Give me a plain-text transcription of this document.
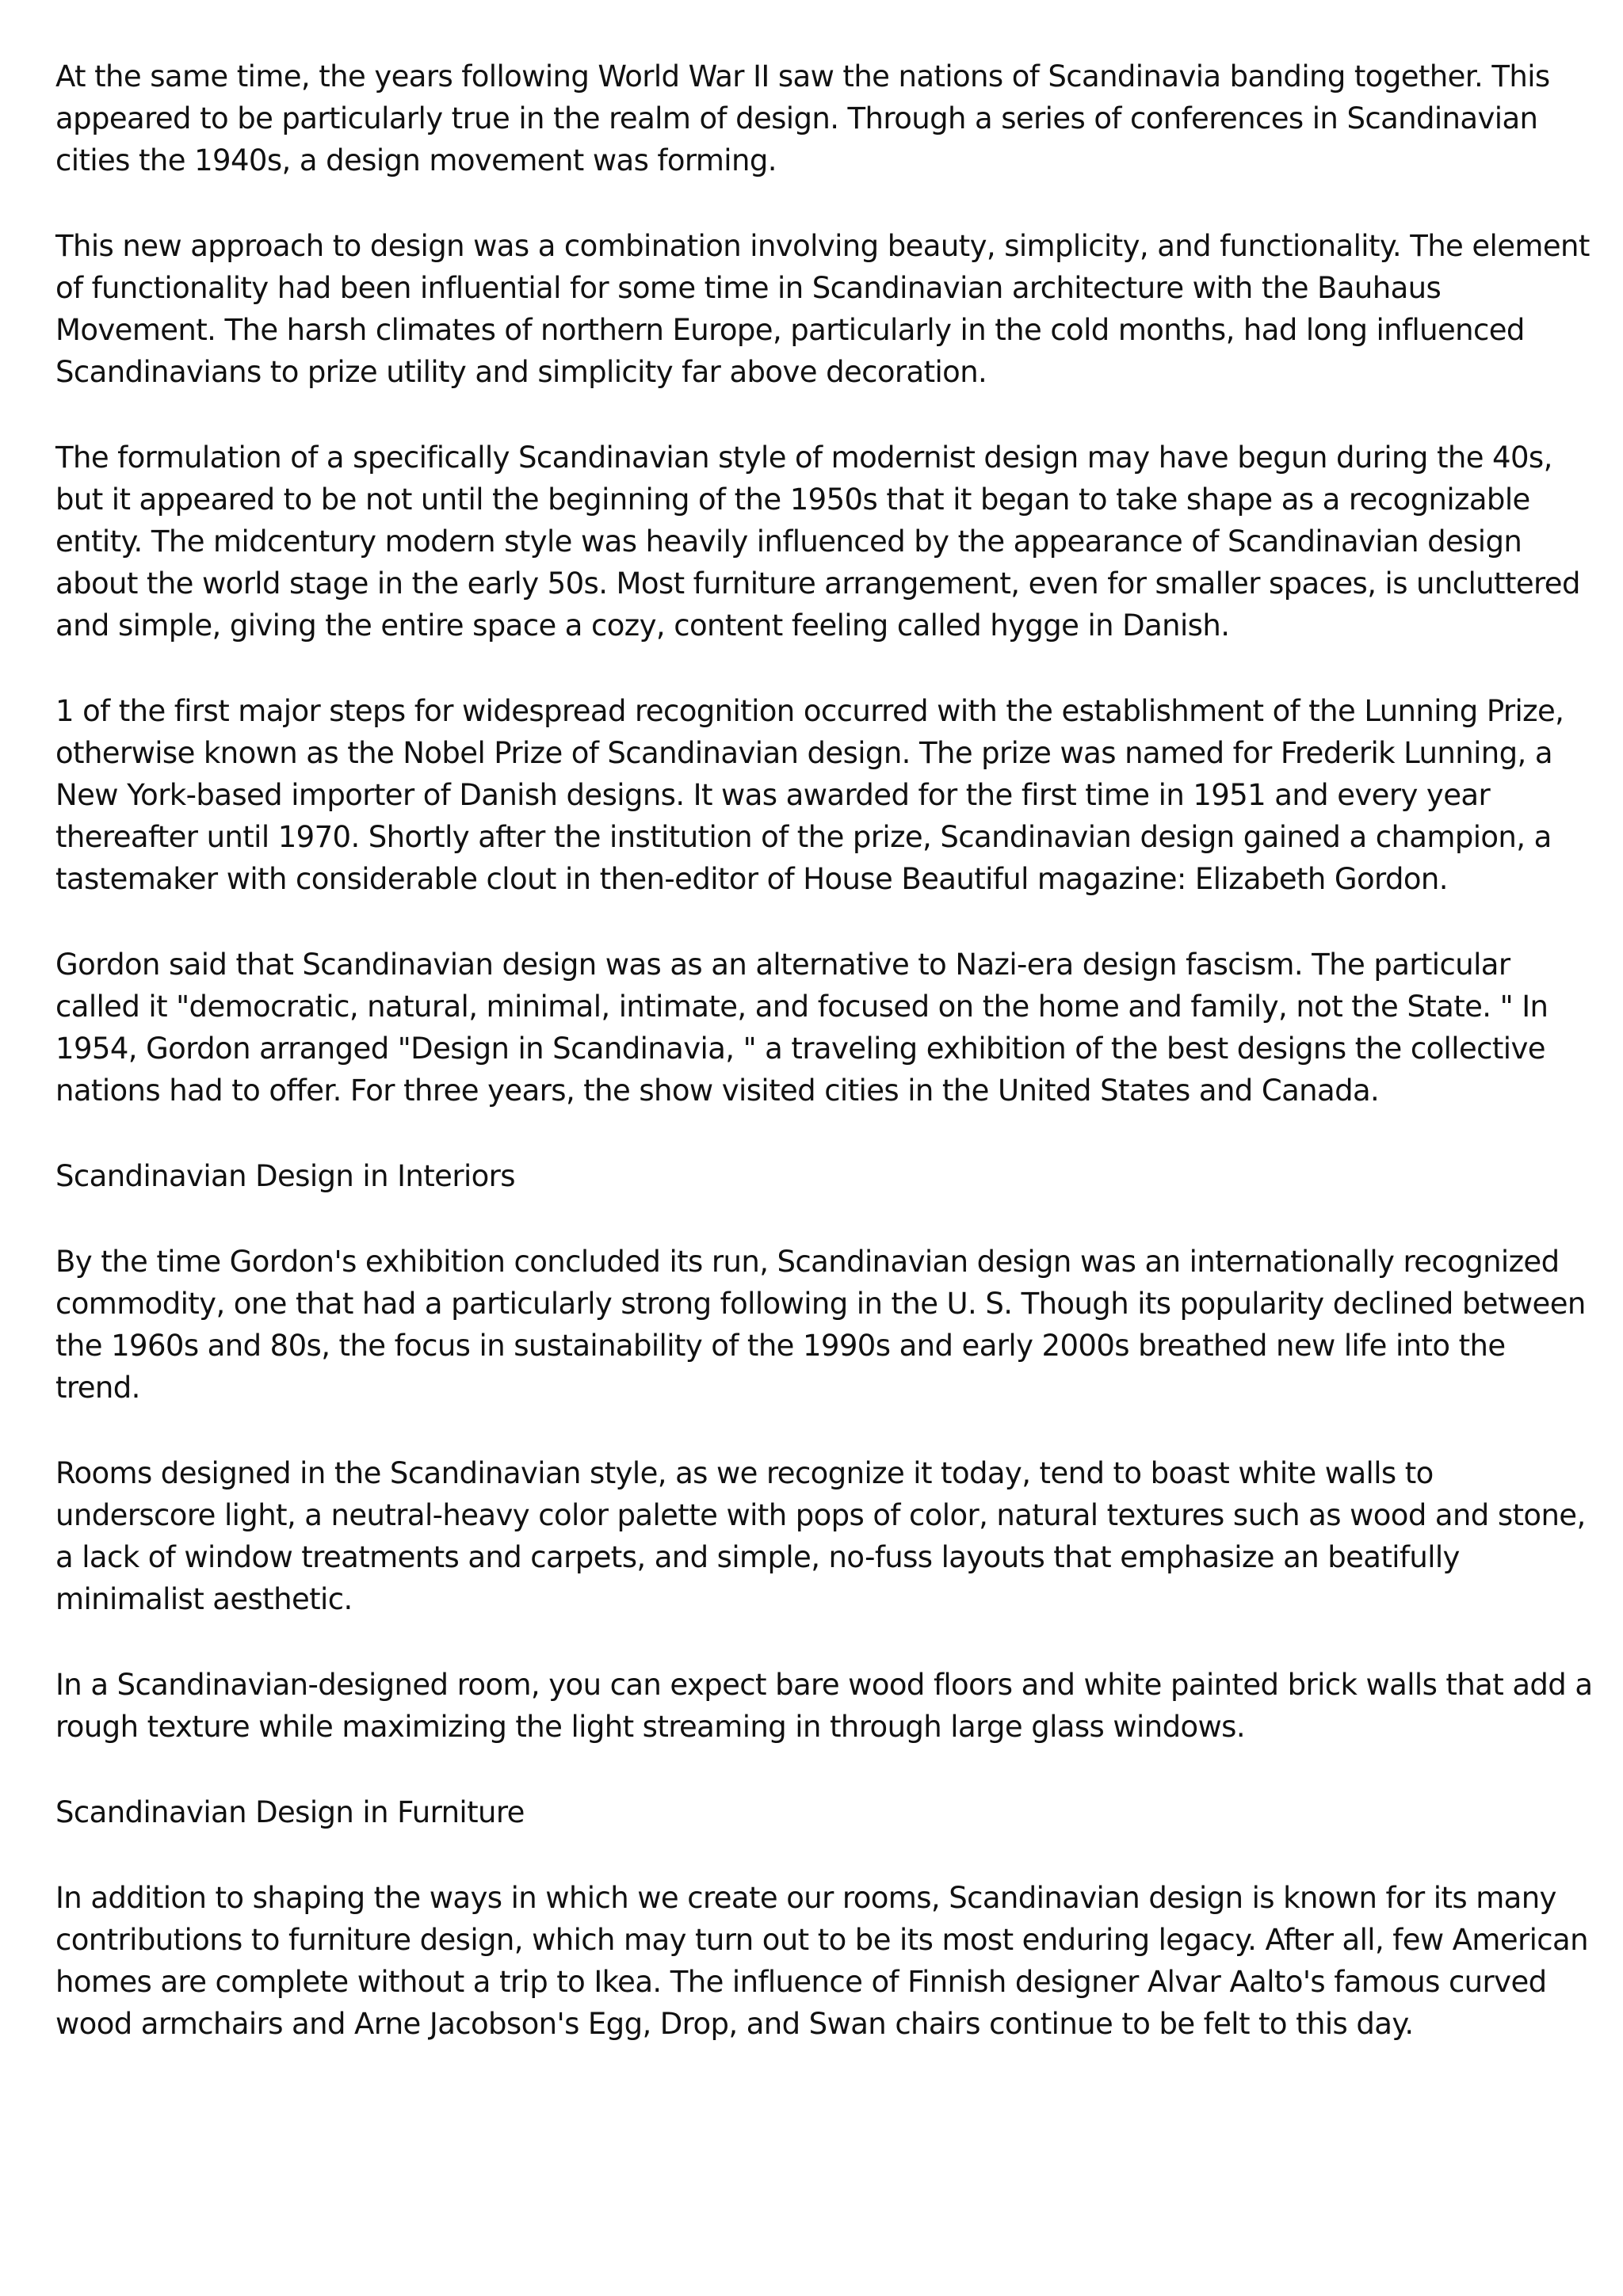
At the same time, the years following World War II saw the nations of Scandinavia banding together. This appeared to be particularly true in the realm of design. Through a series of conferences in Scandinavian cities the 1940s, a design movement was forming.

This new approach to design was a combination involving beauty, simplicity, and functionality. The element of functionality had been influential for some time in Scandinavian architecture with the Bauhaus Movement. The harsh climates of northern Europe, particularly in the cold months, had long influenced Scandinavians to prize utility and simplicity far above decoration.

The formulation of a specifically Scandinavian style of modernist design may have begun during the 40s, but it appeared to be not until the beginning of the 1950s that it began to take shape as a recognizable entity. The midcentury modern style was heavily influenced by the appearance of Scandinavian design about the world stage in the early 50s. Most furniture arrangement, even for smaller spaces, is uncluttered and simple, giving the entire space a cozy, content feeling called hygge in Danish.

1 of the first major steps for widespread recognition occurred with the establishment of the Lunning Prize, otherwise known as the Nobel Prize of Scandinavian design. The prize was named for Frederik Lunning, a New York-based importer of Danish designs. It was awarded for the first time in 1951 and every year thereafter until 1970. Shortly after the institution of the prize, Scandinavian design gained a champion, a tastemaker with considerable clout in then-editor of House Beautiful magazine: Elizabeth Gordon.

Gordon said that Scandinavian design was as an alternative to Nazi-era design fascism. The particular called it "democratic, natural, minimal, intimate, and focused on the home and family, not the State. " In 1954, Gordon arranged "Design in Scandinavia, " a traveling exhibition of the best designs the collective nations had to offer. For three years, the show visited cities in the United States and Canada.

Scandinavian Design in Interiors

By the time Gordon's exhibition concluded its run, Scandinavian design was an internationally recognized commodity, one that had a particularly strong following in the U. S. Though its popularity declined between the 1960s and 80s, the focus in sustainability of the 1990s and early 2000s breathed new life into the trend.

Rooms designed in the Scandinavian style, as we recognize it today, tend to boast white walls to underscore light, a neutral-heavy color palette with pops of color, natural textures such as wood and stone, a lack of window treatments and carpets, and simple, no-fuss layouts that emphasize an beatifully minimalist aesthetic.

In a Scandinavian-designed room, you can expect bare wood floors and white painted brick walls that add a rough texture while maximizing the light streaming in through large glass windows.

Scandinavian Design in Furniture

In addition to shaping the ways in which we create our rooms, Scandinavian design is known for its many contributions to furniture design, which may turn out to be its most enduring legacy. After all, few American homes are complete without a trip to Ikea. The influence of Finnish designer Alvar Aalto's famous curved wood armchairs and Arne Jacobson's Egg, Drop, and Swan chairs continue to be felt to this day.
